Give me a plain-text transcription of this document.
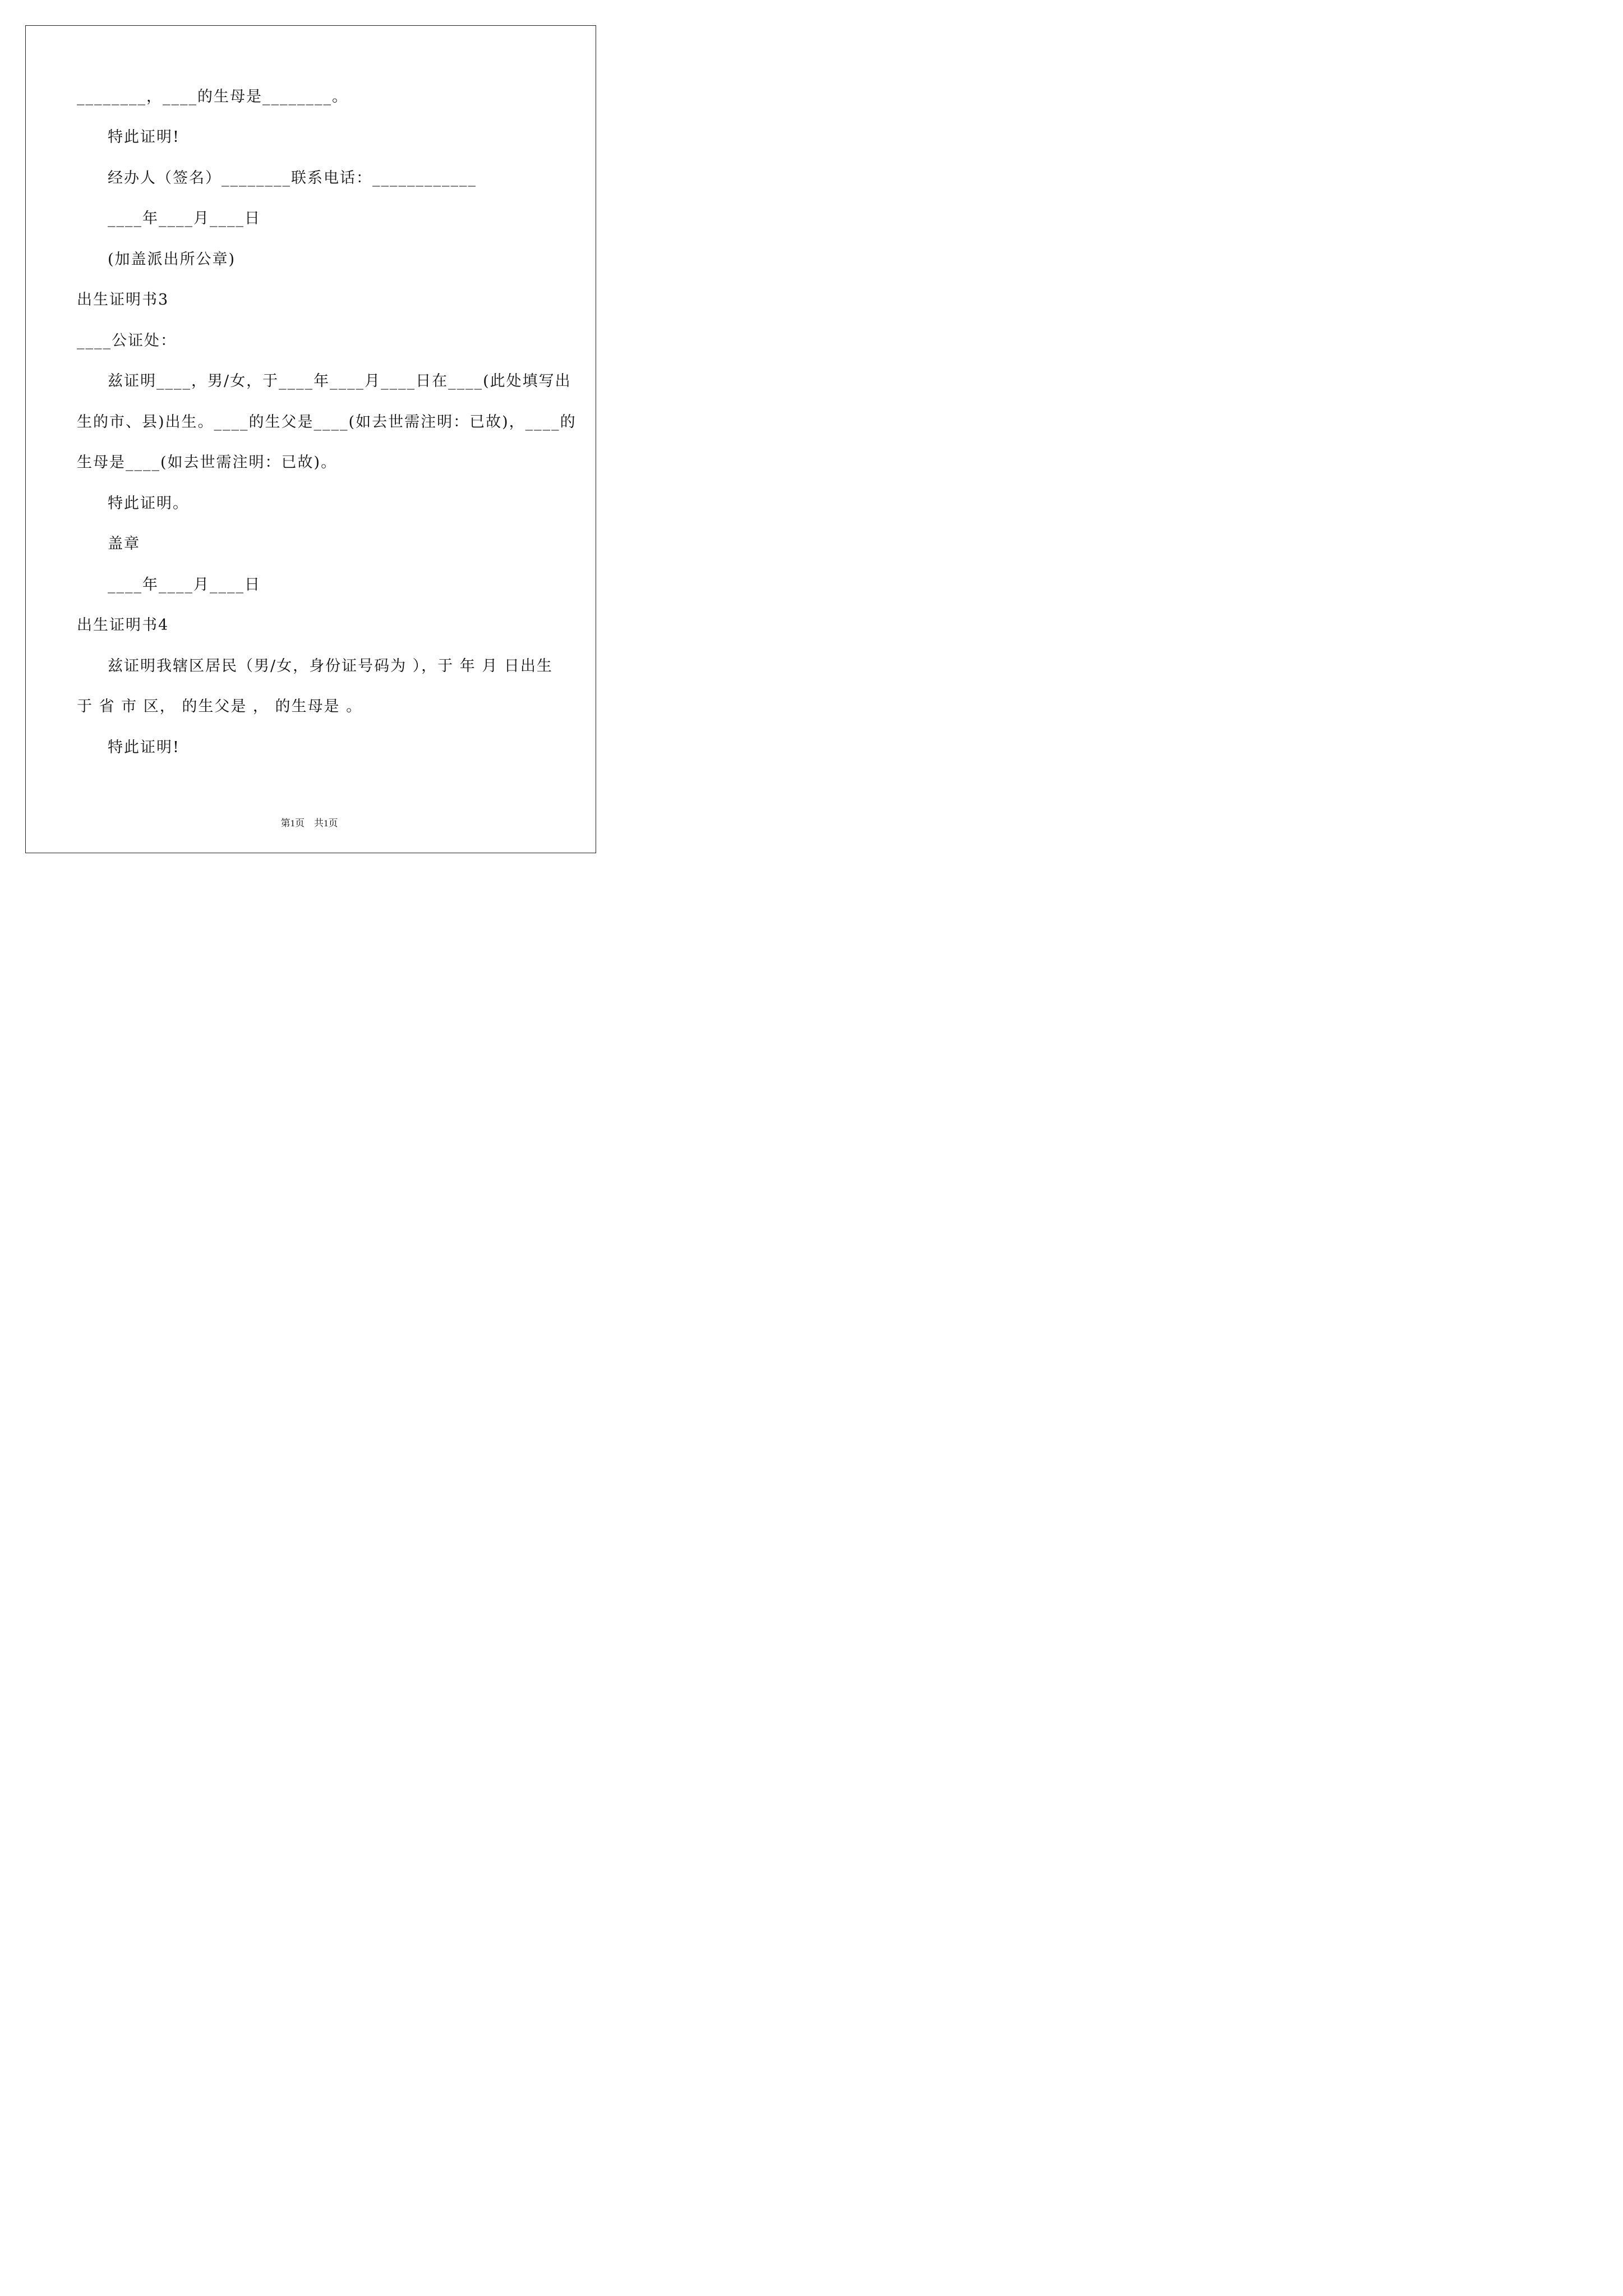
________，____的生母是________。
特此证明!
经办人（签名）________联系电话：____________
____年____月____日
(加盖派出所公章)
出生证明书3
____公证处：
兹证明____，男/女，于____年____月____日在____(此处填写出
生的市、县)出生。____的生父是____(如去世需注明：已故)，____的
生母是____(如去世需注明：已故)。
特此证明。
盖章
____年____月____日
出生证明书4
兹证明我辖区居民（男/女，身份证号码为 ），于 年 月 日出生
于 省 市 区， 的生父是 ， 的生母是 。
特此证明!
第1页　共1页
